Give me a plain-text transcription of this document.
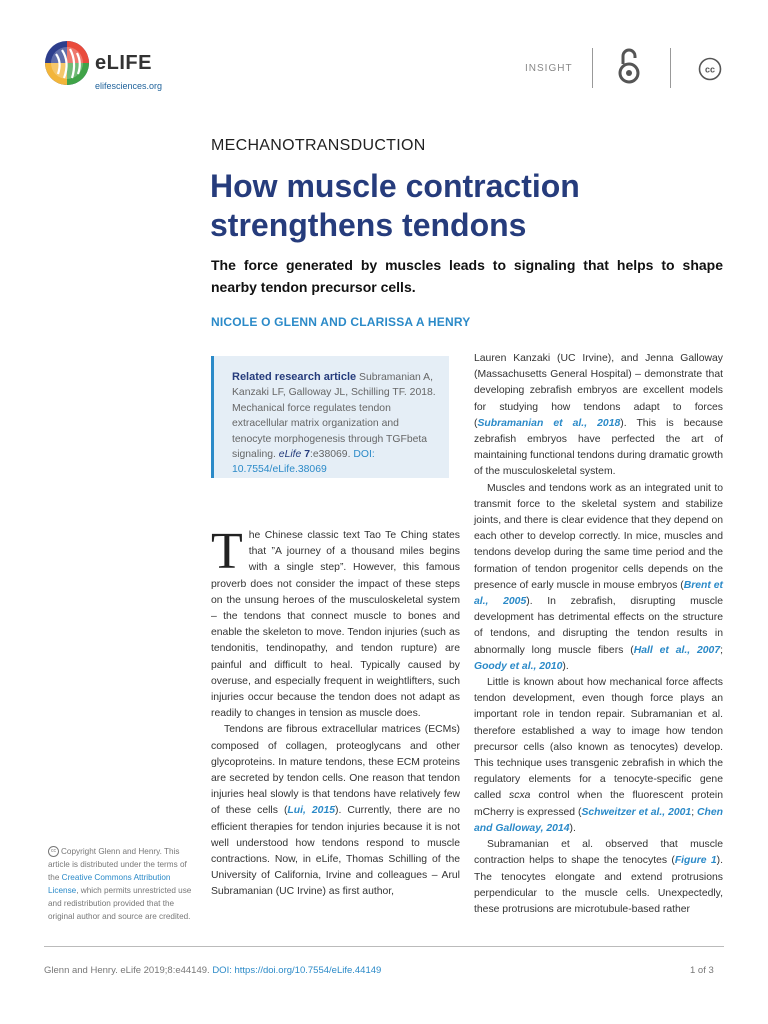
eLIFE
elifesciences.org
INSIGHT	cc
MECHANOTRANSDUCTION
How muscle contraction strengthens tendons
The force generated by muscles leads to signaling that helps to shape nearby tendon precursor cells.
NICOLE O GLENN AND CLARISSA A HENRY
Related research article Subramanian A, Kanzaki LF, Galloway JL, Schilling TF. 2018. Mechanical force regulates tendon extracellular matrix organization and tenocyte morphogenesis through TGFbeta signaling. eLife 7:e38069. DOI: 10.7554/eLife.38069

The Chinese classic text Tao Te Ching states that ”A journey of a thousand miles begins with a single step”. However, this famous proverb does not consider the impact of these steps on the unsung heroes of the musculoskeletal system – the tendons that connect muscle to bones and enable the skeleton to move. Tendon injuries (such as tendonitis, tendinopathy, and tendon rupture) are painful and difficult to heal. Typically caused by overuse, and especially frequent in weightlifters, such injuries occur because the tendon does not adapt as readily to changes in tension as muscle does.

Tendons are fibrous extracellular matrices (ECMs) composed of collagen, proteoglycans and other glycoproteins. In mature tendons, these ECM proteins are secreted by tendon cells. One reason that tendon injuries heal slowly is that tendons have relatively few of these cells (Lui, 2015). Currently, there are no efficient therapies for tendon injuries because it is not well understood how tendons respond to muscle contractions. Now, in eLife, Thomas Schilling of the University of California, Irvine and colleagues – Arul Subramanian (UC Irvine) as first author,

Lauren Kanzaki (UC Irvine), and Jenna Galloway (Massachusetts General Hospital) – demonstrate that developing zebrafish embryos are excellent models for studying how tendons adapt to forces (Subramanian et al., 2018). This is because zebrafish embryos have perfected the art of maintaining functional tendons during dramatic growth of the musculoskeletal system.

Muscles and tendons work as an integrated unit to transmit force to the skeletal system and stabilize joints, and there is clear evidence that they depend on each other to develop correctly. In mice, muscles and tendons develop during the same time period and the formation of tendon progenitor cells depends on the presence of early muscle in mouse embryos (Brent et al., 2005). In zebrafish, disrupting muscle development has detrimental effects on the structure of tendons, and disrupting the tendon results in abnormally long muscle fibers (Hall et al., 2007; Goody et al., 2010).

Little is known about how mechanical force affects tendon development, even though force plays an important role in tendon repair. Subramanian et al. therefore established a way to image how tendon precursor cells (also known as tenocytes) develop. This technique uses transgenic zebrafish in which the regulatory elements for a tenocyte-specific gene called scxa control when the fluorescent protein mCherry is expressed (Schweitzer et al., 2001; Chen and Galloway, 2014).

Subramanian et al. observed that muscle contraction helps to shape the tenocytes (Figure 1). The tenocytes elongate and extend protrusions perpendicular to the muscle cells. Unexpectedly, these protrusions are microtubule-based rather

cc Copyright Glenn and Henry. This article is distributed under the terms of the Creative Commons Attribution License, which permits unrestricted use and redistribution provided that the original author and source are credited.
Glenn and Henry. eLife 2019;8:e44149. DOI: https://doi.org/10.7554/eLife.44149	1 of 3
